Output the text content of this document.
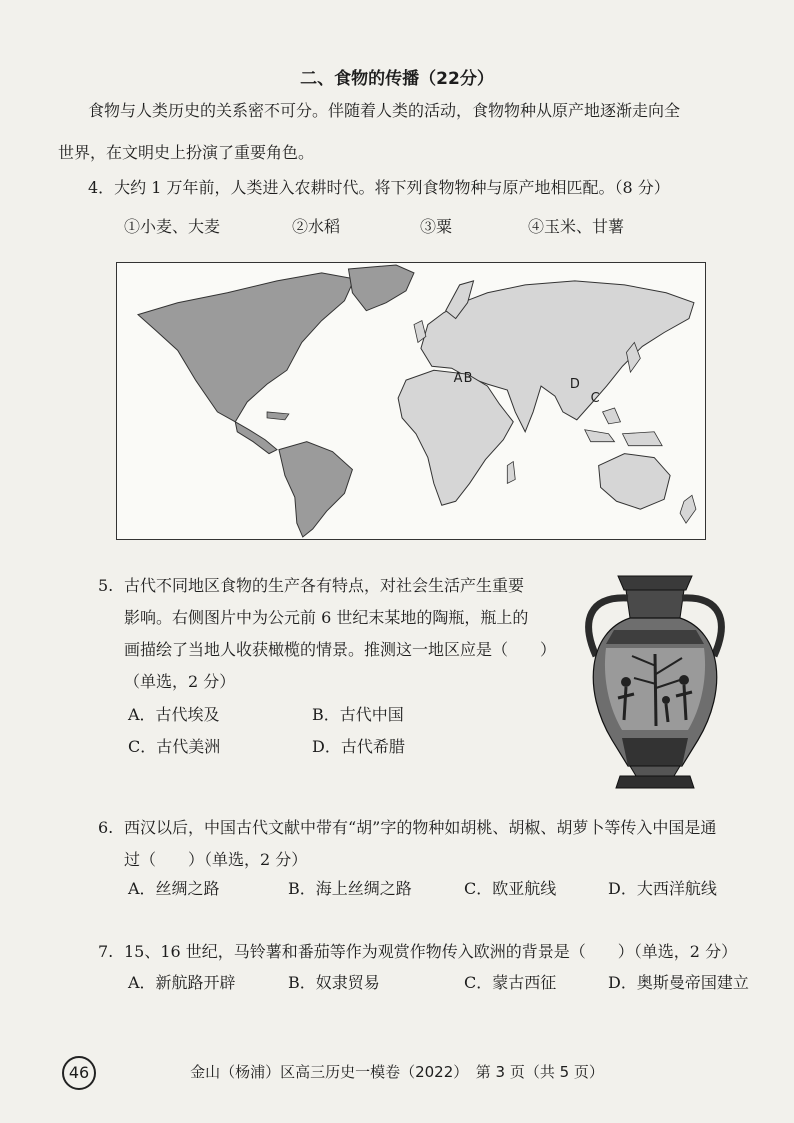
二、食物的传播（22分）
食物与人类历史的关系密不可分。伴随着人类的活动，食物物种从原产地逐渐走向全
世界，在文明史上扮演了重要角色。
4．大约 1 万年前，人类进入农耕时代。将下列食物物种与原产地相匹配。（8 分）
①小麦、大麦	②水稻	③粟	④玉米、甘薯
A B
C
D
5. 古代不同地区食物的生产各有特点，对社会生活产生重要
影响。右侧图片中为公元前 6 世纪末某地的陶瓶，瓶上的
画描绘了当地人收获橄榄的情景。推测这一地区应是（　　）
（单选，2 分）
A．古代埃及	B．古代中国
C．古代美洲	D．古代希腊
6. 西汉以后，中国古代文献中带有“胡”字的物种如胡桃、胡椒、胡萝卜等传入中国是通
过（　　）（单选，2 分）
A．丝绸之路	B．海上丝绸之路	C．欧亚航线	D．大西洋航线
7. 15、16 世纪，马铃薯和番茄等作为观赏作物传入欧洲的背景是（　　）（单选，2 分）
A．新航路开辟	B．奴隶贸易	C．蒙古西征	D．奥斯曼帝国建立
46	金山（杨浦）区高三历史一模卷（2022）　第 3 页（共 5 页）
